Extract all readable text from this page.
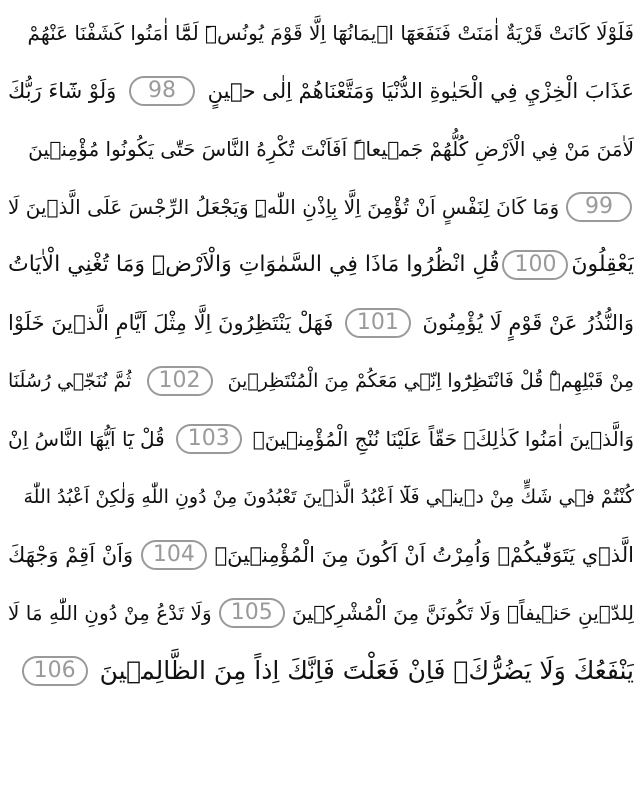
فَلَوْلَا كَانَتْ قَرْيَةٌ اٰمَنَتْ فَنَفَعَهَٓا اٖيمَانُهَٓا اِلَّا قَوْمَ يُونُسَۜ لَمَّٓا اٰمَنُوا كَشَفْنَا عَنْهُمْ
عَذَابَ الْخِزْيِ فِي الْحَيٰوةِ الدُّنْيَا وَمَتَّعْنَاهُمْ اِلٰى حٖينٍ
98
وَلَوْ شَٓاءَ رَبُّكَ
لَاٰمَنَ مَنْ فِي الْاَرْضِ كُلُّهُمْ جَمٖيعاًۜ اَفَاَنْتَ تُكْرِهُ النَّاسَ حَتّٰى يَكُونُوا مُؤْمِنٖينَ
99
وَمَا كَانَ لِنَفْسٍ اَنْ تُؤْمِنَ اِلَّا بِاِذْنِ اللّٰهِۜ وَيَجْعَلُ الرِّجْسَ عَلَى الَّذٖينَ لَا
يَعْقِلُونَ
100
قُلِ انْظُرُوا مَاذَا فِي السَّمٰوَاتِ وَالْاَرْضِۜ وَمَا تُغْنِي الْاٰيَاتُ
وَالنُّذُرُ عَنْ قَوْمٍ لَا يُؤْمِنُونَ
101
فَهَلْ يَنْتَظِرُونَ اِلَّا مِثْلَ اَيَّامِ الَّذٖينَ خَلَوْا
مِنْ قَبْلِهِمْۜ قُلْ فَانْتَظِرُٓوا اِنّٖي مَعَكُمْ مِنَ الْمُنْتَظِرٖينَ
102
ثُمَّ نُنَجّٖي رُسُلَنَا
وَالَّذٖينَ اٰمَنُوا كَذٰلِكَۚ حَقّاً عَلَيْنَا نُنْجِ الْمُؤْمِنٖينَ۟
103
قُلْ يَٓا اَيُّهَا النَّاسُ اِنْ
كُنْتُمْ فٖي شَكٍّ مِنْ دٖينٖي فَلَٓا اَعْبُدُ الَّذٖينَ تَعْبُدُونَ مِنْ دُونِ اللّٰهِ وَلٰكِنْ اَعْبُدُ اللّٰهَ
الَّذٖي يَتَوَفّٰيكُمْۚ وَاُمِرْتُ اَنْ اَكُونَ مِنَ الْمُؤْمِنٖينَۙ
104
وَاَنْ اَقِمْ وَجْهَكَ
لِلدّٖينِ حَنٖيفاًۚ وَلَا تَكُونَنَّ مِنَ الْمُشْرِكٖينَ
105
وَلَا تَدْعُ مِنْ دُونِ اللّٰهِ مَا لَا
يَنْفَعُكَ وَلَا يَضُرُّكَۚ فَاِنْ فَعَلْتَ فَاِنَّكَ اِذاً مِنَ الظَّالِمٖينَ
106
